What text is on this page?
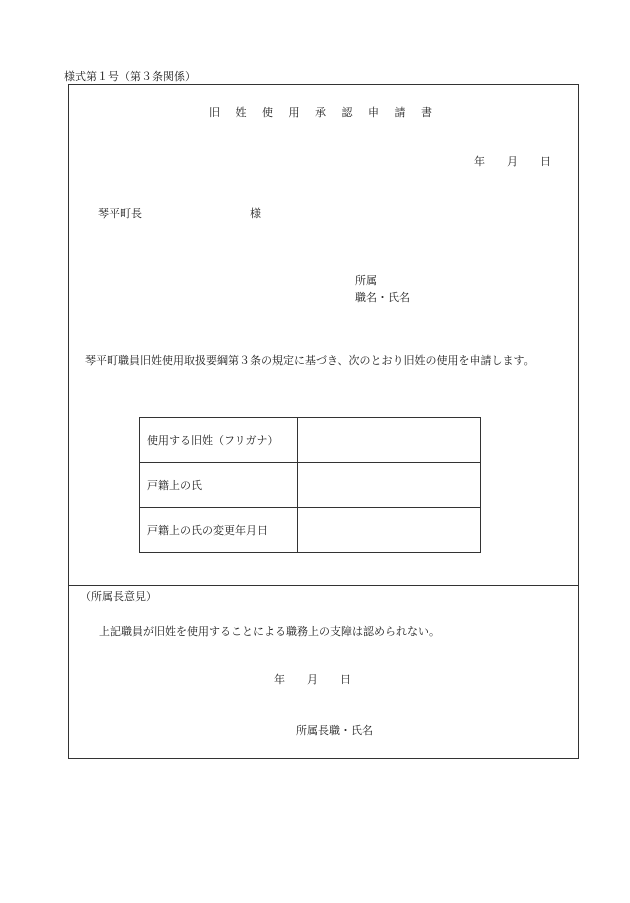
様式第１号（第３条関係）
旧 姓 使 用 承 認 申 請 書
年 月 日
琴平町長	様
所属
職名・氏名
琴平町職員旧姓使用取扱要綱第３条の規定に基づき、次のとおり旧姓の使用を申請します。
使用する旧姓（フリガナ）	
戸籍上の氏	
戸籍上の氏の変更年月日	
（所属長意見）
上記職員が旧姓を使用することによる職務上の支障は認められない。
年 月 日
所属長職・氏名
